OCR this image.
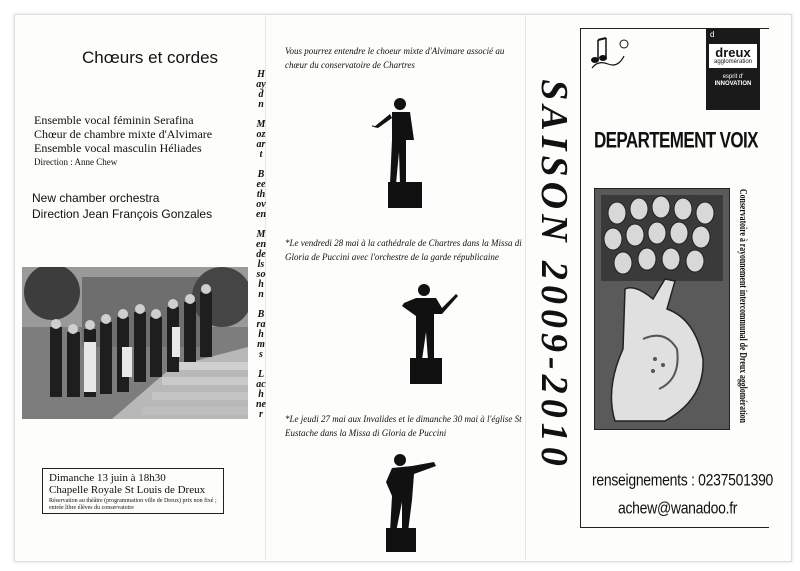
Chœurs et cordes
Ensemble vocal féminin Serafina
Chœur de chambre mixte d'Alvimare
Ensemble vocal masculin Héliades
Direction : Anne Chew
New chamber orchestra
Direction Jean François Gonzales
Dimanche 13 juin à 18h30
Chapelle Royale St Louis de Dreux
Réservation au théâtre (programmation ville de Dreux) prix non fixé ; entrée libre élèves du conservatoire
Haydn
Mozart
Beethoven
Mendelssohn
Brahms
Lachner
Vous pourrez entendre le choeur mixte d'Alvimare associé au chœur du conservatoire de Chartres
*Le vendredi 28 mai à la cathédrale de Chartres dans la Missa di Gloria de Puccini avec l'orchestre de la garde républicaine
*Le jeudi 27 mai aux Invalides et le dimanche 30 mai à l'église St Eustache dans la Missa di Gloria de Puccini	SAISON 2009-2010
d
dreux
agglomération
esprit d'
INNOVATION
DEPARTEMENT VOIX
Conservatoire à rayonnement intercommunal de Dreux agglomération
renseignements : 0237501390
achew@wanadoo.fr
